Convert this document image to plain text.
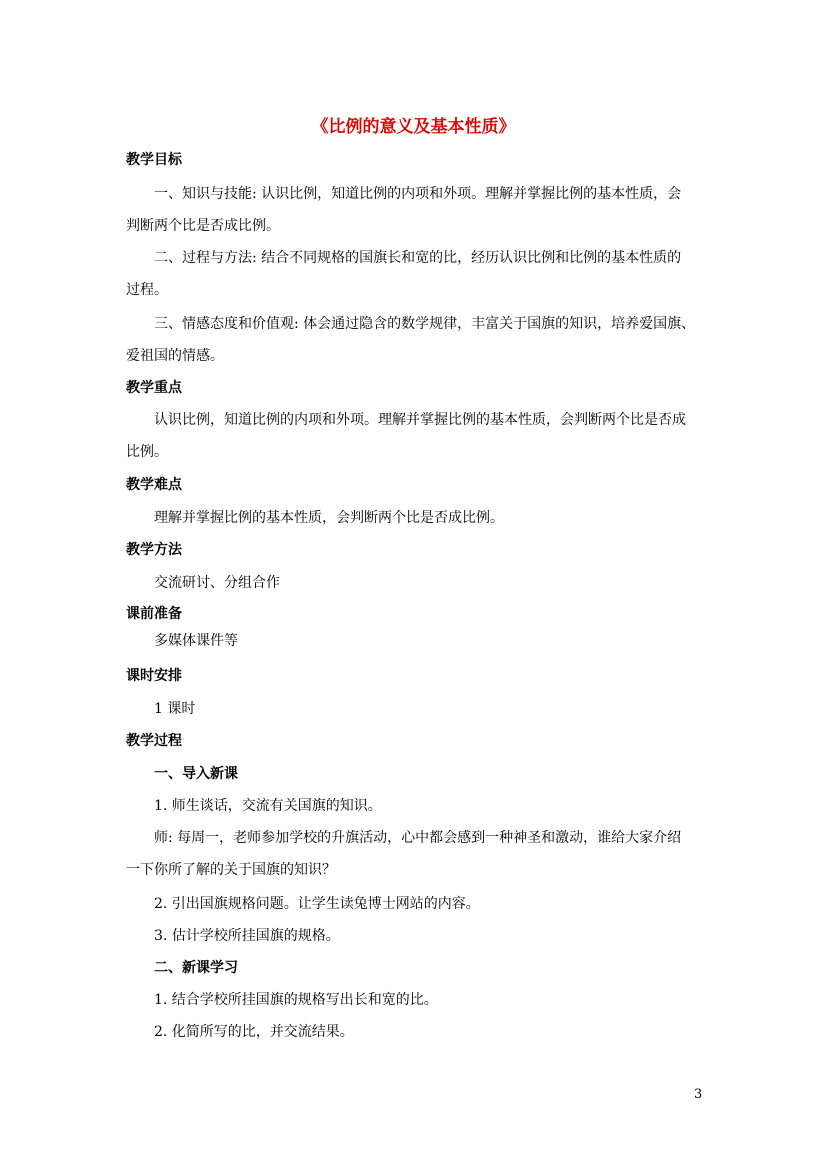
《比例的意义及基本性质》
教学目标
一、知识与技能: 认识比例，知道比例的内项和外项。理解并掌握比例的基本性质，会
判断两个比是否成比例。
二、过程与方法: 结合不同规格的国旗长和宽的比，经历认识比例和比例的基本性质的
过程。
三、情感态度和价值观: 体会通过隐含的数学规律，丰富关于国旗的知识，培养爱国旗、
爱祖国的情感。
教学重点
认识比例，知道比例的内项和外项。理解并掌握比例的基本性质，会判断两个比是否成
比例。
教学难点
理解并掌握比例的基本性质，会判断两个比是否成比例。
教学方法
交流研讨、分组合作
课前准备
多媒体课件等
课时安排
1 课时
教学过程
一、导入新课
1. 师生谈话，交流有关国旗的知识。
师: 每周一，老师参加学校的升旗活动，心中都会感到一种神圣和激动，谁给大家介绍
一下你所了解的关于国旗的知识？
2. 引出国旗规格问题。让学生读兔博士网站的内容。
3. 估计学校所挂国旗的规格。
二、新课学习
1. 结合学校所挂国旗的规格写出长和宽的比。
2. 化简所写的比，并交流结果。
3
